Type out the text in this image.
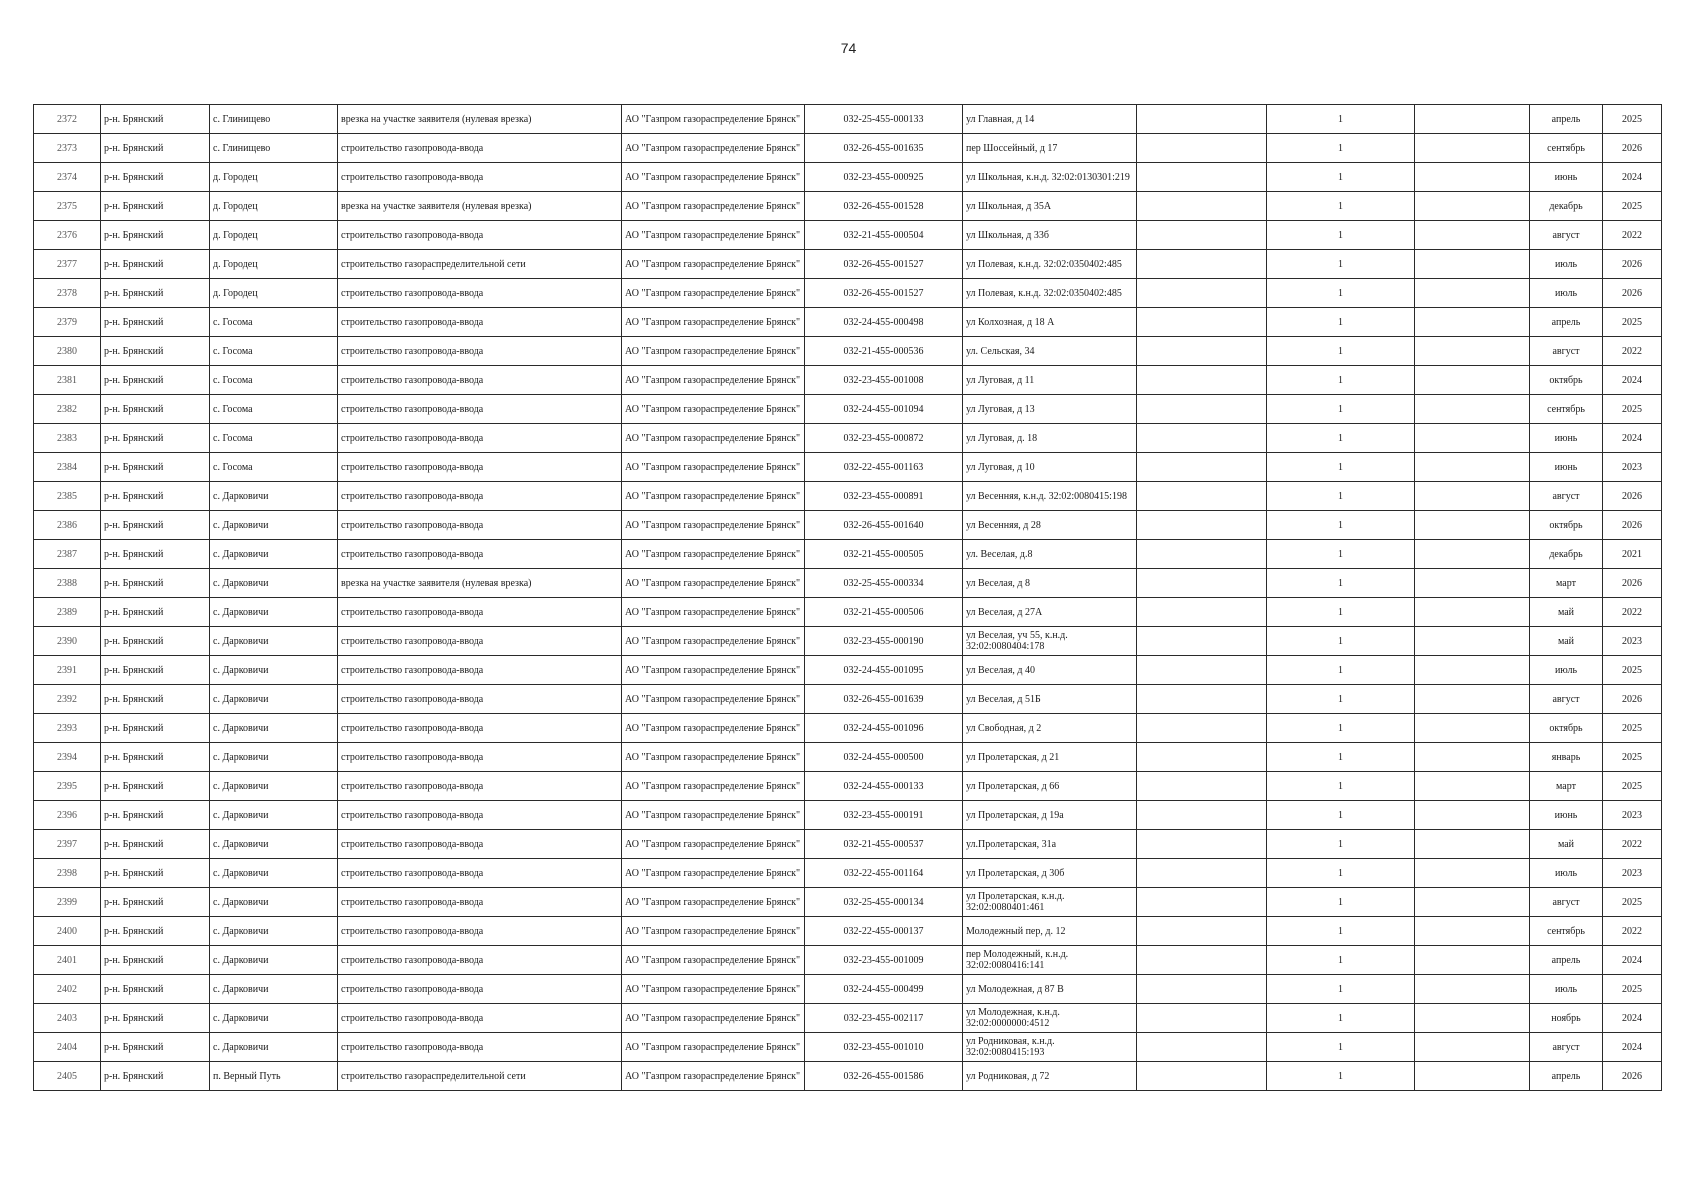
74
2372	р-н. Брянский	с. Глинищево	врезка на участке заявителя (нулевая врезка)	АО "Газпром газораспределение Брянск"	032-25-455-000133	ул Главная, д 14		1		апрель	2025
2373	р-н. Брянский	с. Глинищево	строительство газопровода-ввода	АО "Газпром газораспределение Брянск"	032-26-455-001635	пер Шоссейный, д 17		1		сентябрь	2026
2374	р-н. Брянский	д. Городец	строительство газопровода-ввода	АО "Газпром газораспределение Брянск"	032-23-455-000925	ул Школьная, к.н.д. 32:02:0130301:219		1		июнь	2024
2375	р-н. Брянский	д. Городец	врезка на участке заявителя (нулевая врезка)	АО "Газпром газораспределение Брянск"	032-26-455-001528	ул Школьная, д 35А		1		декабрь	2025
2376	р-н. Брянский	д. Городец	строительство газопровода-ввода	АО "Газпром газораспределение Брянск"	032-21-455-000504	ул Школьная, д 33б		1		август	2022
2377	р-н. Брянский	д. Городец	строительство газораспределительной сети	АО "Газпром газораспределение Брянск"	032-26-455-001527	ул Полевая, к.н.д. 32:02:0350402:485		1		июль	2026
2378	р-н. Брянский	д. Городец	строительство газопровода-ввода	АО "Газпром газораспределение Брянск"	032-26-455-001527	ул Полевая, к.н.д. 32:02:0350402:485		1		июль	2026
2379	р-н. Брянский	с. Госома	строительство газопровода-ввода	АО "Газпром газораспределение Брянск"	032-24-455-000498	ул Колхозная, д 18 А		1		апрель	2025
2380	р-н. Брянский	с. Госома	строительство газопровода-ввода	АО "Газпром газораспределение Брянск"	032-21-455-000536	ул. Сельская, 34		1		август	2022
2381	р-н. Брянский	с. Госома	строительство газопровода-ввода	АО "Газпром газораспределение Брянск"	032-23-455-001008	ул Луговая, д 11		1		октябрь	2024
2382	р-н. Брянский	с. Госома	строительство газопровода-ввода	АО "Газпром газораспределение Брянск"	032-24-455-001094	ул Луговая, д 13		1		сентябрь	2025
2383	р-н. Брянский	с. Госома	строительство газопровода-ввода	АО "Газпром газораспределение Брянск"	032-23-455-000872	ул Луговая, д. 18		1		июнь	2024
2384	р-н. Брянский	с. Госома	строительство газопровода-ввода	АО "Газпром газораспределение Брянск"	032-22-455-001163	ул Луговая, д 10		1		июнь	2023
2385	р-н. Брянский	с. Дарковичи	строительство газопровода-ввода	АО "Газпром газораспределение Брянск"	032-23-455-000891	ул Весенняя, к.н.д. 32:02:0080415:198		1		август	2026
2386	р-н. Брянский	с. Дарковичи	строительство газопровода-ввода	АО "Газпром газораспределение Брянск"	032-26-455-001640	ул Весенняя, д 28		1		октябрь	2026
2387	р-н. Брянский	с. Дарковичи	строительство газопровода-ввода	АО "Газпром газораспределение Брянск"	032-21-455-000505	ул. Веселая, д.8		1		декабрь	2021
2388	р-н. Брянский	с. Дарковичи	врезка на участке заявителя (нулевая врезка)	АО "Газпром газораспределение Брянск"	032-25-455-000334	ул Веселая, д 8		1		март	2026
2389	р-н. Брянский	с. Дарковичи	строительство газопровода-ввода	АО "Газпром газораспределение Брянск"	032-21-455-000506	ул Веселая, д 27А		1		май	2022
2390	р-н. Брянский	с. Дарковичи	строительство газопровода-ввода	АО "Газпром газораспределение Брянск"	032-23-455-000190	ул Веселая, уч 55, к.н.д. 32:02:0080404:178		1		май	2023
2391	р-н. Брянский	с. Дарковичи	строительство газопровода-ввода	АО "Газпром газораспределение Брянск"	032-24-455-001095	ул Веселая, д 40		1		июль	2025
2392	р-н. Брянский	с. Дарковичи	строительство газопровода-ввода	АО "Газпром газораспределение Брянск"	032-26-455-001639	ул Веселая, д 51Б		1		август	2026
2393	р-н. Брянский	с. Дарковичи	строительство газопровода-ввода	АО "Газпром газораспределение Брянск"	032-24-455-001096	ул Свободная, д 2		1		октябрь	2025
2394	р-н. Брянский	с. Дарковичи	строительство газопровода-ввода	АО "Газпром газораспределение Брянск"	032-24-455-000500	ул Пролетарская, д 21		1		январь	2025
2395	р-н. Брянский	с. Дарковичи	строительство газопровода-ввода	АО "Газпром газораспределение Брянск"	032-24-455-000133	ул Пролетарская, д 66		1		март	2025
2396	р-н. Брянский	с. Дарковичи	строительство газопровода-ввода	АО "Газпром газораспределение Брянск"	032-23-455-000191	ул Пролетарская, д 19а		1		июнь	2023
2397	р-н. Брянский	с. Дарковичи	строительство газопровода-ввода	АО "Газпром газораспределение Брянск"	032-21-455-000537	ул.Пролетарская, 31а		1		май	2022
2398	р-н. Брянский	с. Дарковичи	строительство газопровода-ввода	АО "Газпром газораспределение Брянск"	032-22-455-001164	ул Пролетарская, д 30б		1		июль	2023
2399	р-н. Брянский	с. Дарковичи	строительство газопровода-ввода	АО "Газпром газораспределение Брянск"	032-25-455-000134	ул Пролетарская, к.н.д. 32:02:0080401:461		1		август	2025
2400	р-н. Брянский	с. Дарковичи	строительство газопровода-ввода	АО "Газпром газораспределение Брянск"	032-22-455-000137	Молодежный пер, д. 12		1		сентябрь	2022
2401	р-н. Брянский	с. Дарковичи	строительство газопровода-ввода	АО "Газпром газораспределение Брянск"	032-23-455-001009	пер Молодежный, к.н.д. 32:02:0080416:141		1		апрель	2024
2402	р-н. Брянский	с. Дарковичи	строительство газопровода-ввода	АО "Газпром газораспределение Брянск"	032-24-455-000499	ул Молодежная, д 87 В		1		июль	2025
2403	р-н. Брянский	с. Дарковичи	строительство газопровода-ввода	АО "Газпром газораспределение Брянск"	032-23-455-002117	ул Молодежная, к.н.д. 32:02:0000000:4512		1		ноябрь	2024
2404	р-н. Брянский	с. Дарковичи	строительство газопровода-ввода	АО "Газпром газораспределение Брянск"	032-23-455-001010	ул Родниковая, к.н.д. 32:02:0080415:193		1		август	2024
2405	р-н. Брянский	п. Верный Путь	строительство газораспределительной сети	АО "Газпром газораспределение Брянск"	032-26-455-001586	ул Родниковая, д 72		1		апрель	2026
